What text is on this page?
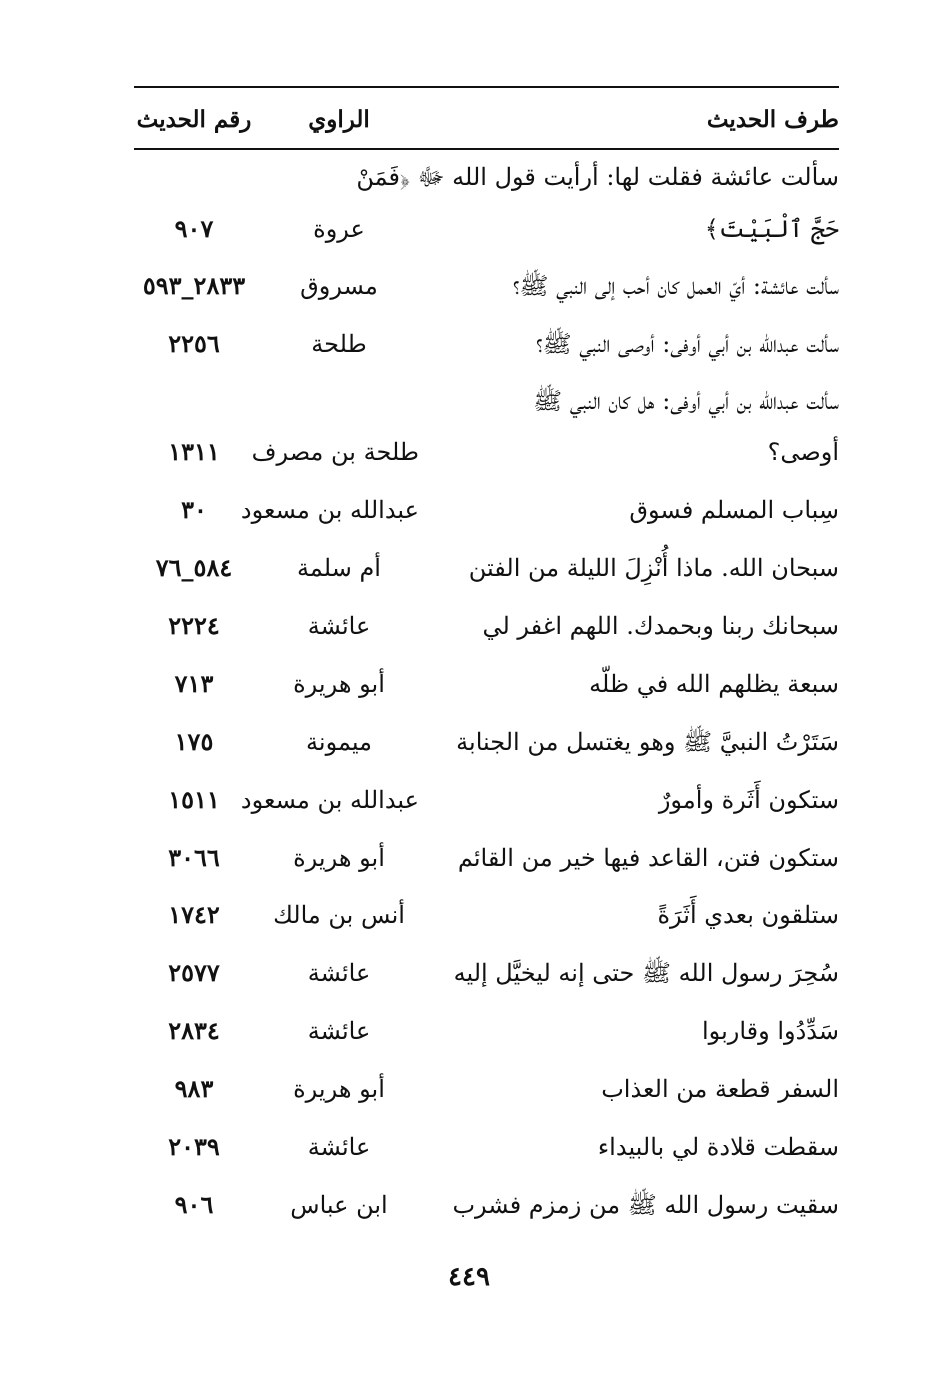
طرف الحديث
الراوي
رقم الحديث
سألت عائشة فقلت لها: أرأيت قول الله ﷻ ﴿فَمَنْ
حَجَّ ٱلْبَيْتَ﴾
عروة
٩٠٧
سألت عائشة: أيّ العمل كان أحب إلى النبي ﷺ؟
مسروق
٢٨٣٣_٥٩٣
سألت عبدالله بن أبي أوفى: أوصى النبي ﷺ؟
طلحة
٢٢٥٦
سألت عبدالله بن أبي أوفى: هل كان النبي ﷺ
أوصى؟
طلحة بن مصرف
١٣١١
سِباب المسلم فسوق
عبدالله بن مسعود
٣٠
سبحان الله. ماذا أُنْزِلَ الليلة من الفتن
أم سلمة
٥٨٤_٧٦
سبحانك ربنا وبحمدك. اللهم اغفر لي
عائشة
٢٢٢٤
سبعة يظلهم الله في ظلّه
أبو هريرة
٧١٣
سَتَرْتُ النبيَّ ﷺ وهو يغتسل من الجنابة
ميمونة
١٧٥
ستكون أَثَرة وأمورٌ
عبدالله بن مسعود
١٥١١
ستكون فتن، القاعد فيها خير من القائم
أبو هريرة
٣٠٦٦
ستلقون بعدي أَثَرَةً
أنس بن مالك
١٧٤٢
سُحِرَ رسول الله ﷺ حتى إنه ليخيَّل إليه
عائشة
٢٥٧٧
سَدِّدُوا وقاربوا
عائشة
٢٨٣٤
السفر قطعة من العذاب
أبو هريرة
٩٨٣
سقطت قلادة لي بالبيداء
عائشة
٢٠٣٩
سقيت رسول الله ﷺ من زمزم فشرب
ابن عباس
٩٠٦
٤٤٩
